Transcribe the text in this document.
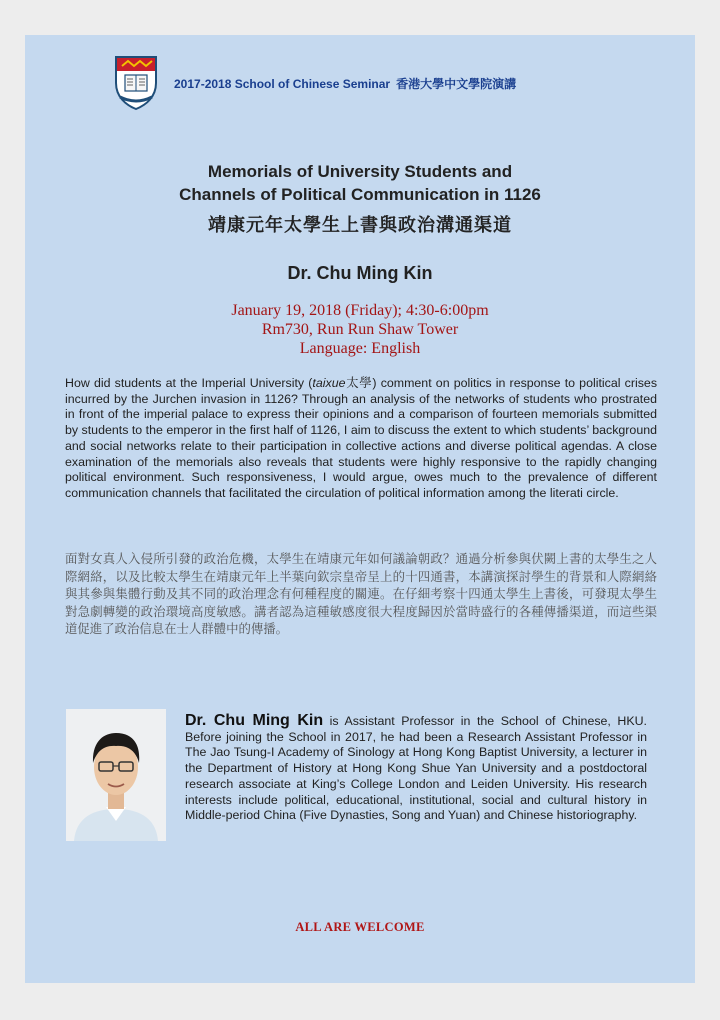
2017-2018 School of Chinese Seminar 香港大學中文學院演講
Memorials of University Students and
Channels of Political Communication in 1126
靖康元年太學生上書與政治溝通渠道
Dr. Chu Ming Kin
January 19, 2018 (Friday); 4:30-6:00pm
Rm730, Run Run Shaw Tower
Language: English
How did students at the Imperial University (taixue太學) comment on politics in response to political crises incurred by the Jurchen invasion in 1126? Through an analysis of the networks of students who prostrated in front of the imperial palace to express their opinions and a comparison of fourteen memorials submitted by students to the emperor in the first half of 1126, I aim to discuss the extent to which students’ background and social networks relate to their participation in collective actions and diverse political agendas. A close examination of the memorials also reveals that students were highly responsive to the rapidly changing political environment. Such responsiveness, I would argue, owes much to the prevalence of different communication channels that facilitated the circulation of political information among the literati circle.
面對女真人入侵所引發的政治危機，太學生在靖康元年如何議論朝政？通過分析參與伏闕上書的太學生之人際網絡，以及比較太學生在靖康元年上半葉向欽宗皇帝呈上的十四通書，本講演探討學生的背景和人際網絡與其參與集體行動及其不同的政治理念有何種程度的關連。在仔細考察十四通太學生上書後，可發現太學生對急劇轉變的政治環境高度敏感。講者認為這種敏感度很大程度歸因於當時盛行的各種傳播渠道，而這些渠道促進了政治信息在士人群體中的傳播。
Dr. Chu Ming Kin is Assistant Professor in the School of Chinese, HKU. Before joining the School in 2017, he had been a Research Assistant Professor in The Jao Tsung-I Academy of Sinology at Hong Kong Baptist University, a lecturer in the Department of History at Hong Kong Shue Yan University and a postdoctoral research associate at King’s College London and Leiden University. His research interests include political, educational, institutional, social and cultural history in Middle-period China (Five Dynasties, Song and Yuan) and Chinese historiography.
ALL ARE WELCOME
